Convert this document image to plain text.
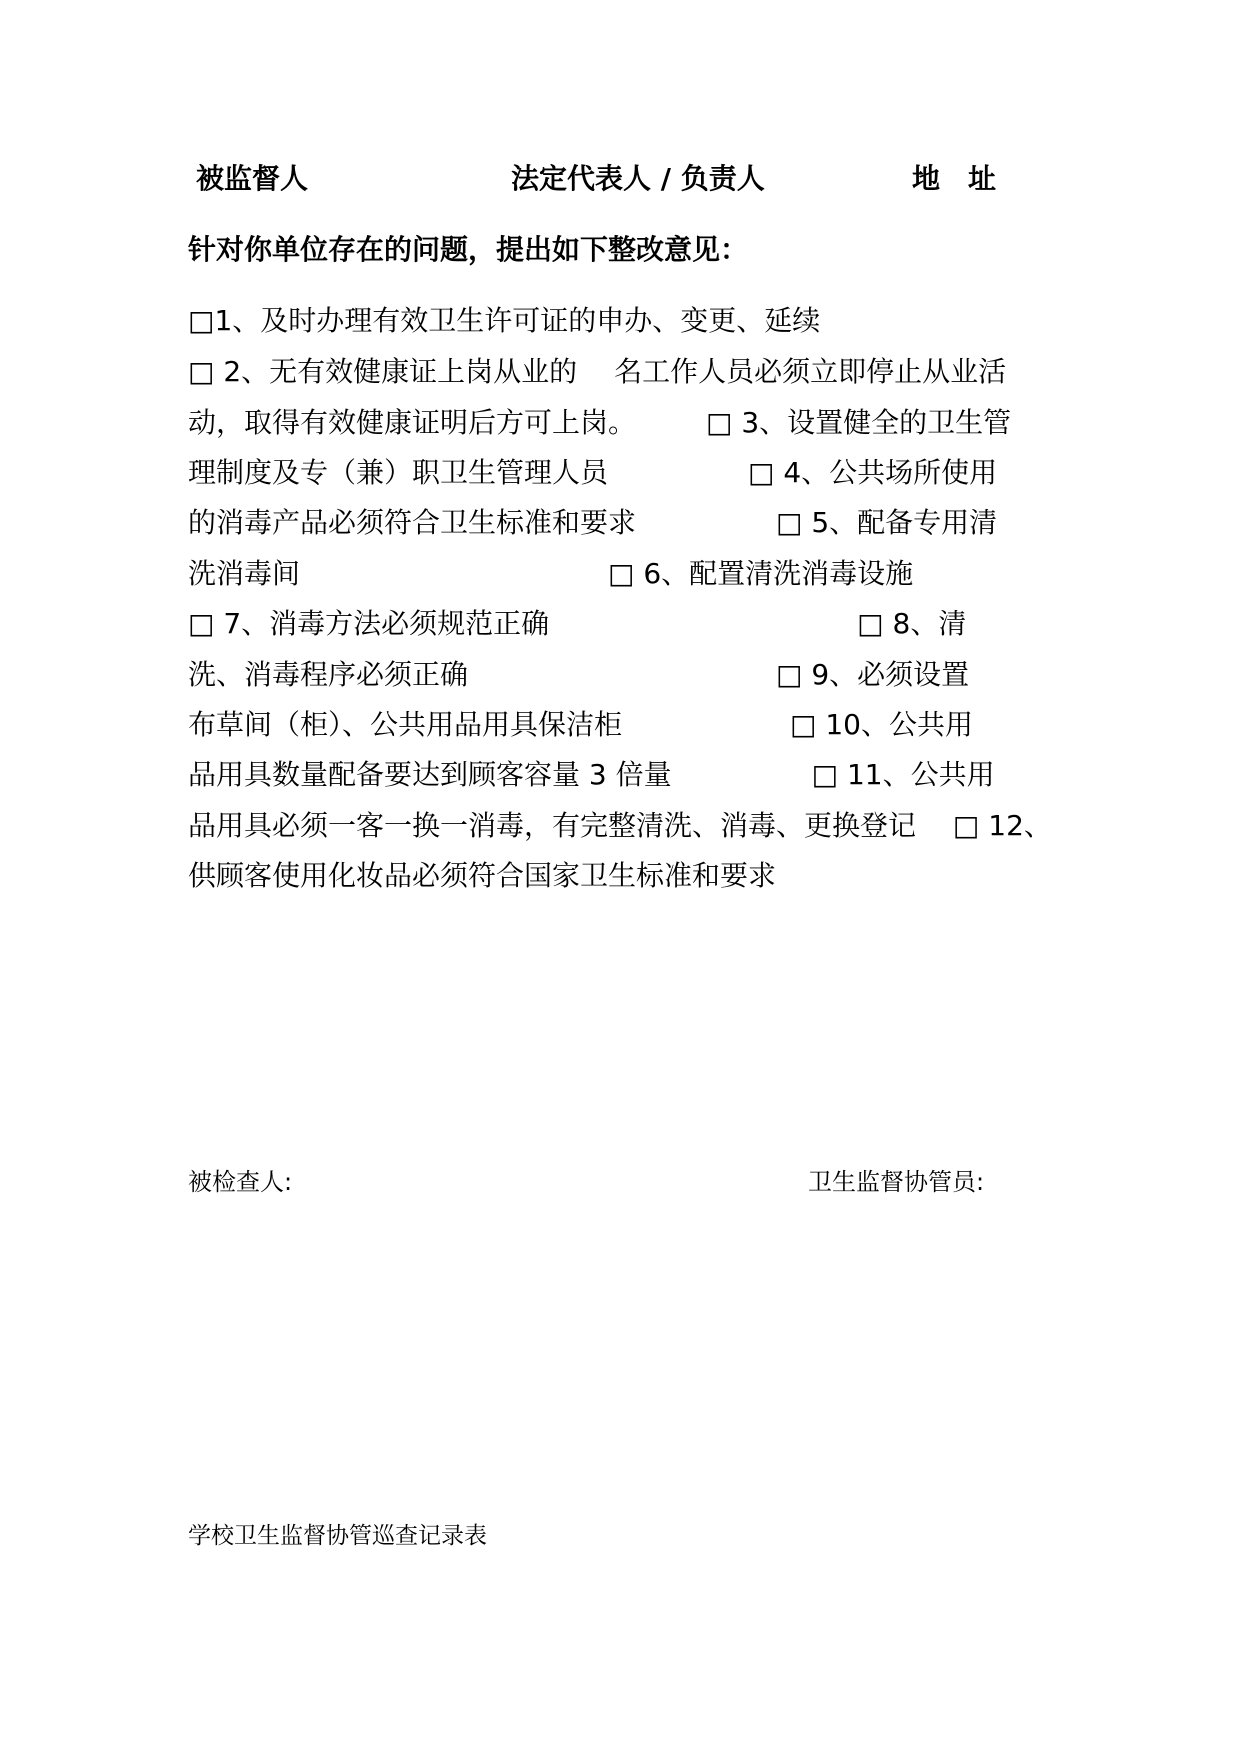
被监督人	法定代表人 / 负责人	地　址
针对你单位存在的问题，提出如下整改意见：
□1、及时办理有效卫生许可证的申办、变更、延续
□ 2、无有效健康证上岗从业的　 名工作人员必须立即停止从业活
动，取得有效健康证明后方可上岗。　　　□ 3、设置健全的卫生管
理制度及专（兼）职卫生管理人员　　　　　□ 4、公共场所使用
的消毒产品必须符合卫生标准和要求　　　　　□ 5、配备专用清
洗消毒间　　　　　　　　　　　□ 6、配置清洗消毒设施
□ 7、消毒方法必须规范正确　　　　　　　　　　　□ 8、清
洗、消毒程序必须正确　　　　　　　　　　　□ 9、必须设置
布草间（柜）、公共用品用具保洁柜　　　　　　□ 10、公共用
品用具数量配备要达到顾客容量 3 倍量　　　　　□ 11、公共用
品用具必须一客一换一消毒，有完整清洗、消毒、更换登记　 □ 12、
供顾客使用化妆品必须符合国家卫生标准和要求
被检查人:	卫生监督协管员:
学校卫生监督协管巡查记录表
